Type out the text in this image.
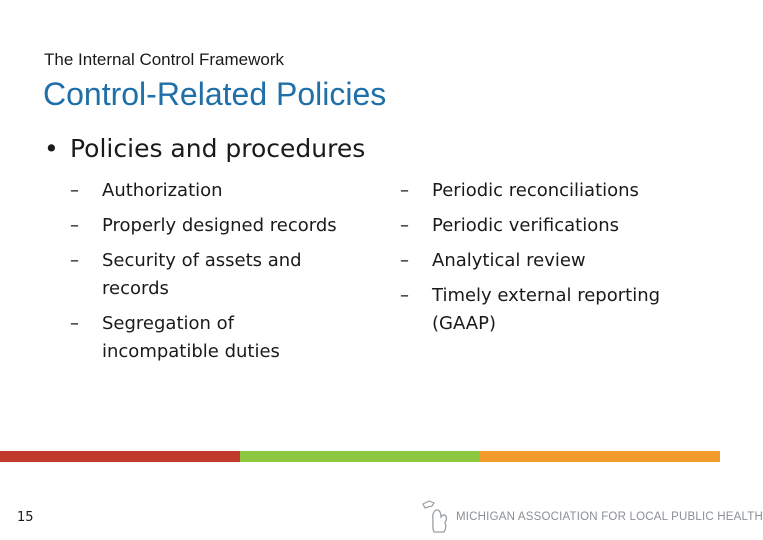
The Internal Control Framework
Control-Related Policies
• Policies and procedures
– Authorization
– Properly designed records
– Security of assets and records
– Segregation of incompatible duties
– Periodic reconciliations
– Periodic verifications
– Analytical review
– Timely external reporting (GAAP)
15	MICHIGAN ASSOCIATION FOR LOCAL PUBLIC HEALTH
